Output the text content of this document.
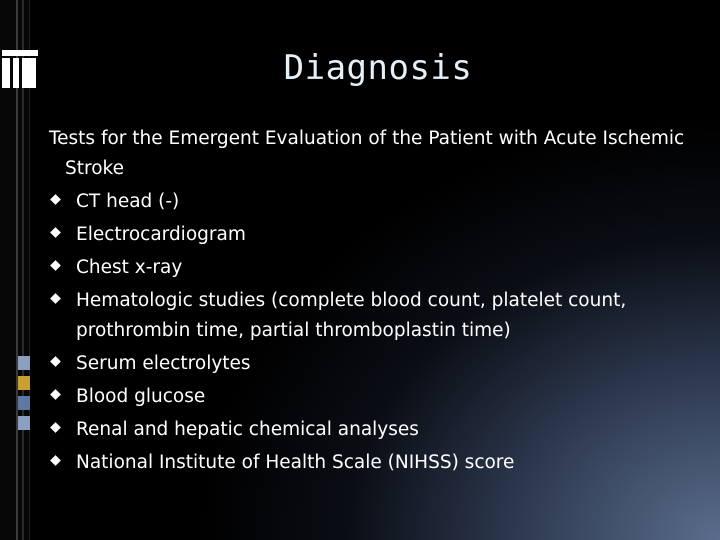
Diagnosis

Tests for the Emergent Evaluation of the Patient with Acute Ischemic Stroke

CT head (-)
Electrocardiogram
Chest x-ray
Hematologic studies (complete blood count, platelet count, prothrombin time, partial thromboplastin time)
Serum electrolytes
Blood glucose
Renal and hepatic chemical analyses
National Institute of Health Scale (NIHSS) score
